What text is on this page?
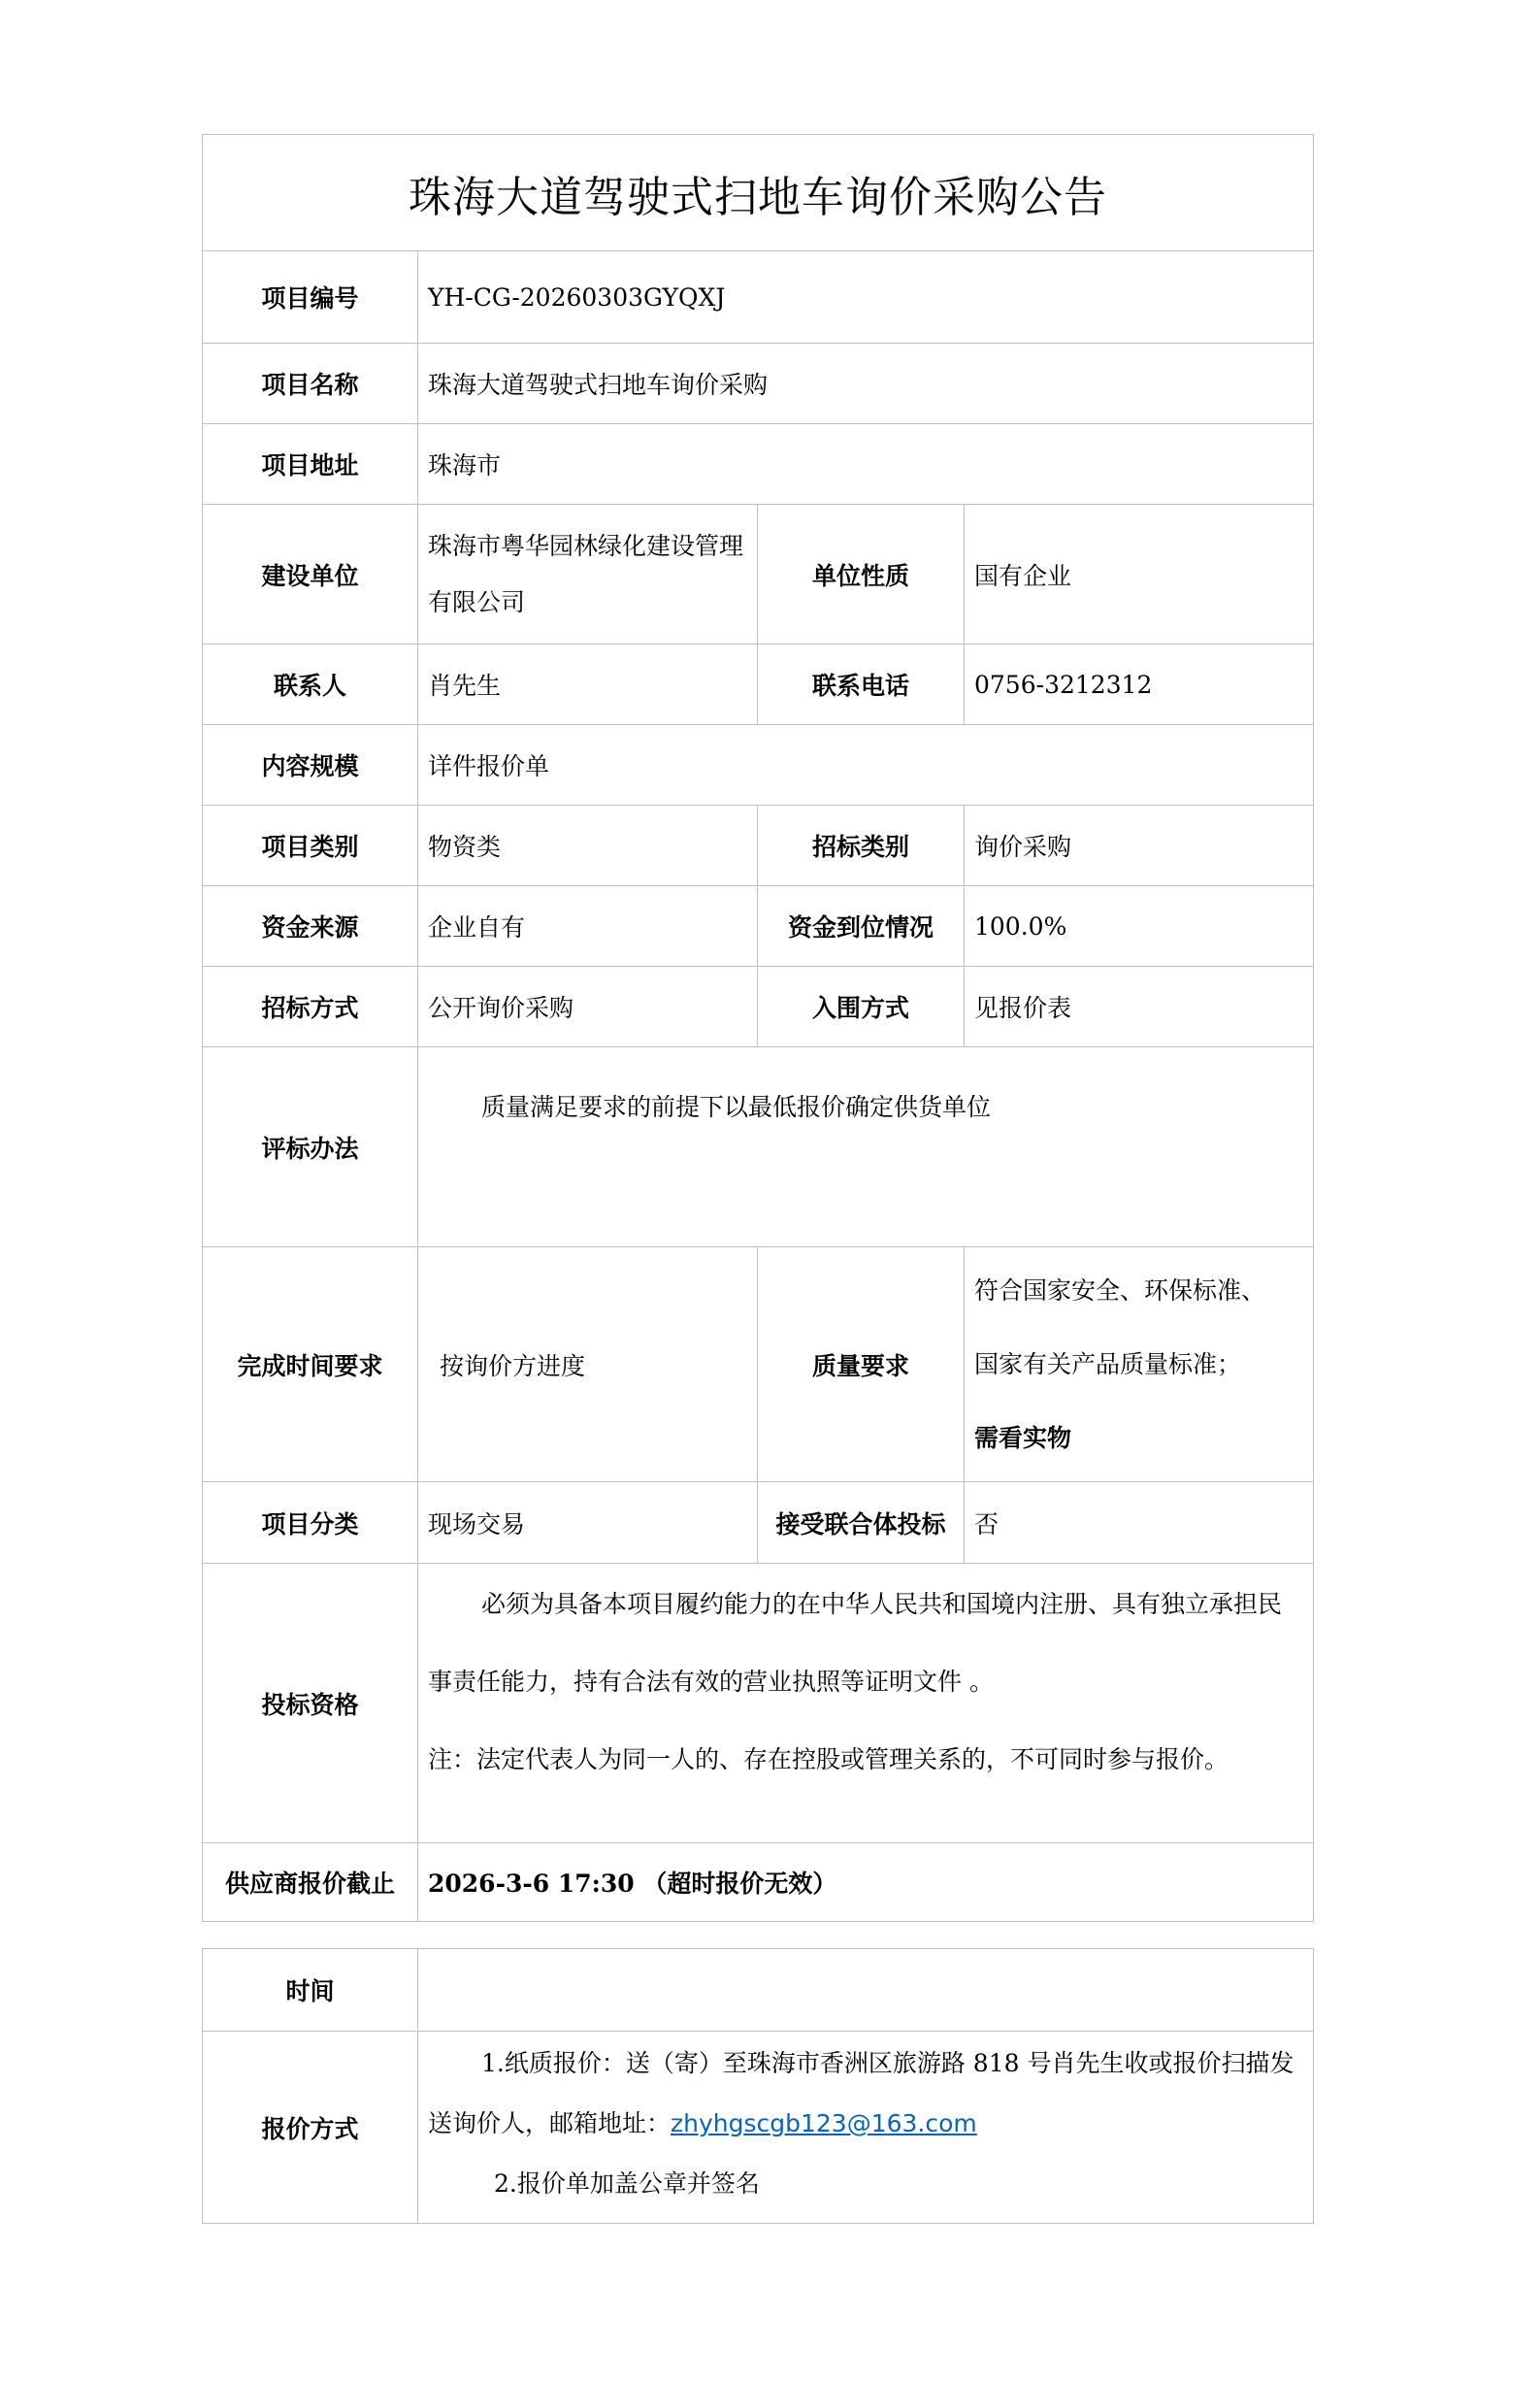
珠海大道驾驶式扫地车询价采购公告			
项目编号	YH-CG-20260303GYQXJ		
项目名称	珠海大道驾驶式扫地车询价采购		
项目地址	珠海市		
建设单位	珠海市粤华园林绿化建设管理有限公司	单位性质	国有企业
联系人	肖先生	联系电话	0756-3212312
内容规模	详件报价单		
项目类别	物资类	招标类别	询价采购
资金来源	企业自有	资金到位情况	100.0%
招标方式	公开询价采购	入围方式	见报价表
评标办法	质量满足要求的前提下以最低报价确定供货单位		

完成时间要求	按询价方进度	质量要求	符合国家安全、环保标准、
国家有关产品质量标准；
需看实物

项目分类	现场交易	接受联合体投标	否
投标资格	必须为具备本项目履约能力的在中华人民共和国境内注册、具有独立承担民事责任能力，持有合法有效的营业执照等证明文件 。
注：法定代表人为同一人的、存在控股或管理关系的，不可同时参与报价。		

供应商报价截止	2026-3-6 17:30 （超时报价无效）		
时间	
报价方式	1.纸质报价：送（寄）至珠海市香洲区旅游路 818 号肖先生收或报价扫描发送询价人，邮箱地址：zhyhgscgb123@163.com
2.报价单加盖公章并签名
